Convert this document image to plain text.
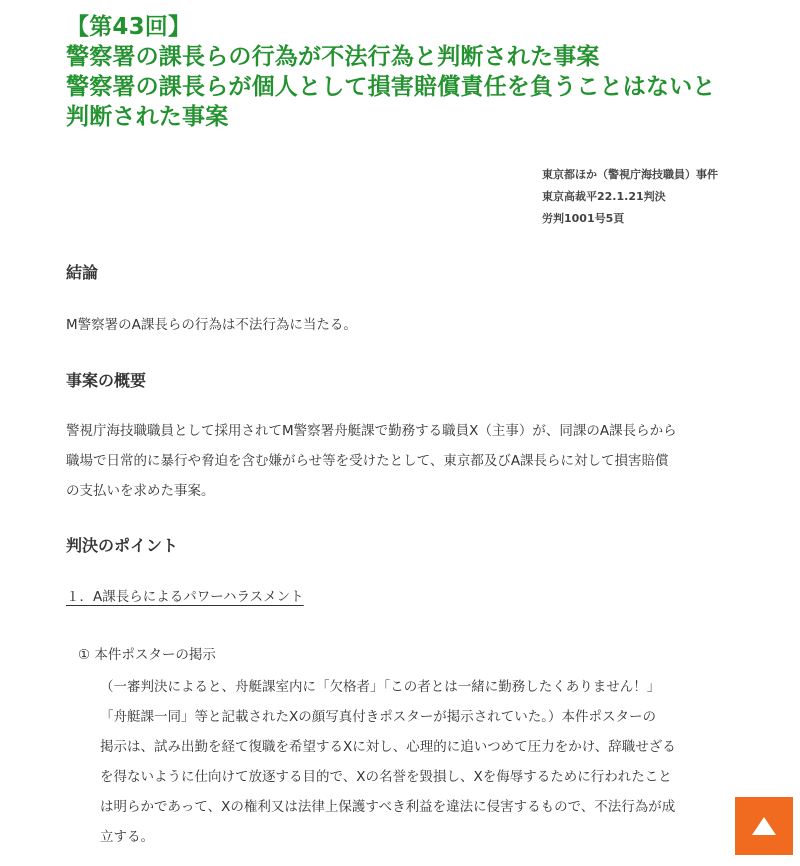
【第43回】
警察署の課長らの行為が不法行為と判断された事案
警察署の課長らが個人として損害賠償責任を負うことはないと
判断された事案
東京都ほか（警視庁海技職員）事件
東京高裁平22.1.21判決
労判1001号5頁
結論
M警察署のA課長らの行為は不法行為に当たる。
事案の概要
警視庁海技職職員として採用されてM警察署舟艇課で勤務する職員X（主事）が、同課のA課長らから
職場で日常的に暴行や脅迫を含む嫌がらせ等を受けたとして、東京都及びA課長らに対して損害賠償
の支払いを求めた事案。
判決のポイント
１．A課長らによるパワーハラスメント
① 本件ポスターの掲示
（一審判決によると、舟艇課室内に「欠格者」「この者とは一緒に勤務したくありません！」
「舟艇課一同」等と記載されたXの顔写真付きポスターが掲示されていた。）本件ポスターの
掲示は、試み出勤を経て復職を希望するXに対し、心理的に追いつめて圧力をかけ、辞職せざる
を得ないように仕向けて放逐する目的で、Xの名誉を毀損し、Xを侮辱するために行われたこと
は明らかであって、Xの権利又は法律上保護すべき利益を違法に侵害するもので、不法行為が成
立する。
